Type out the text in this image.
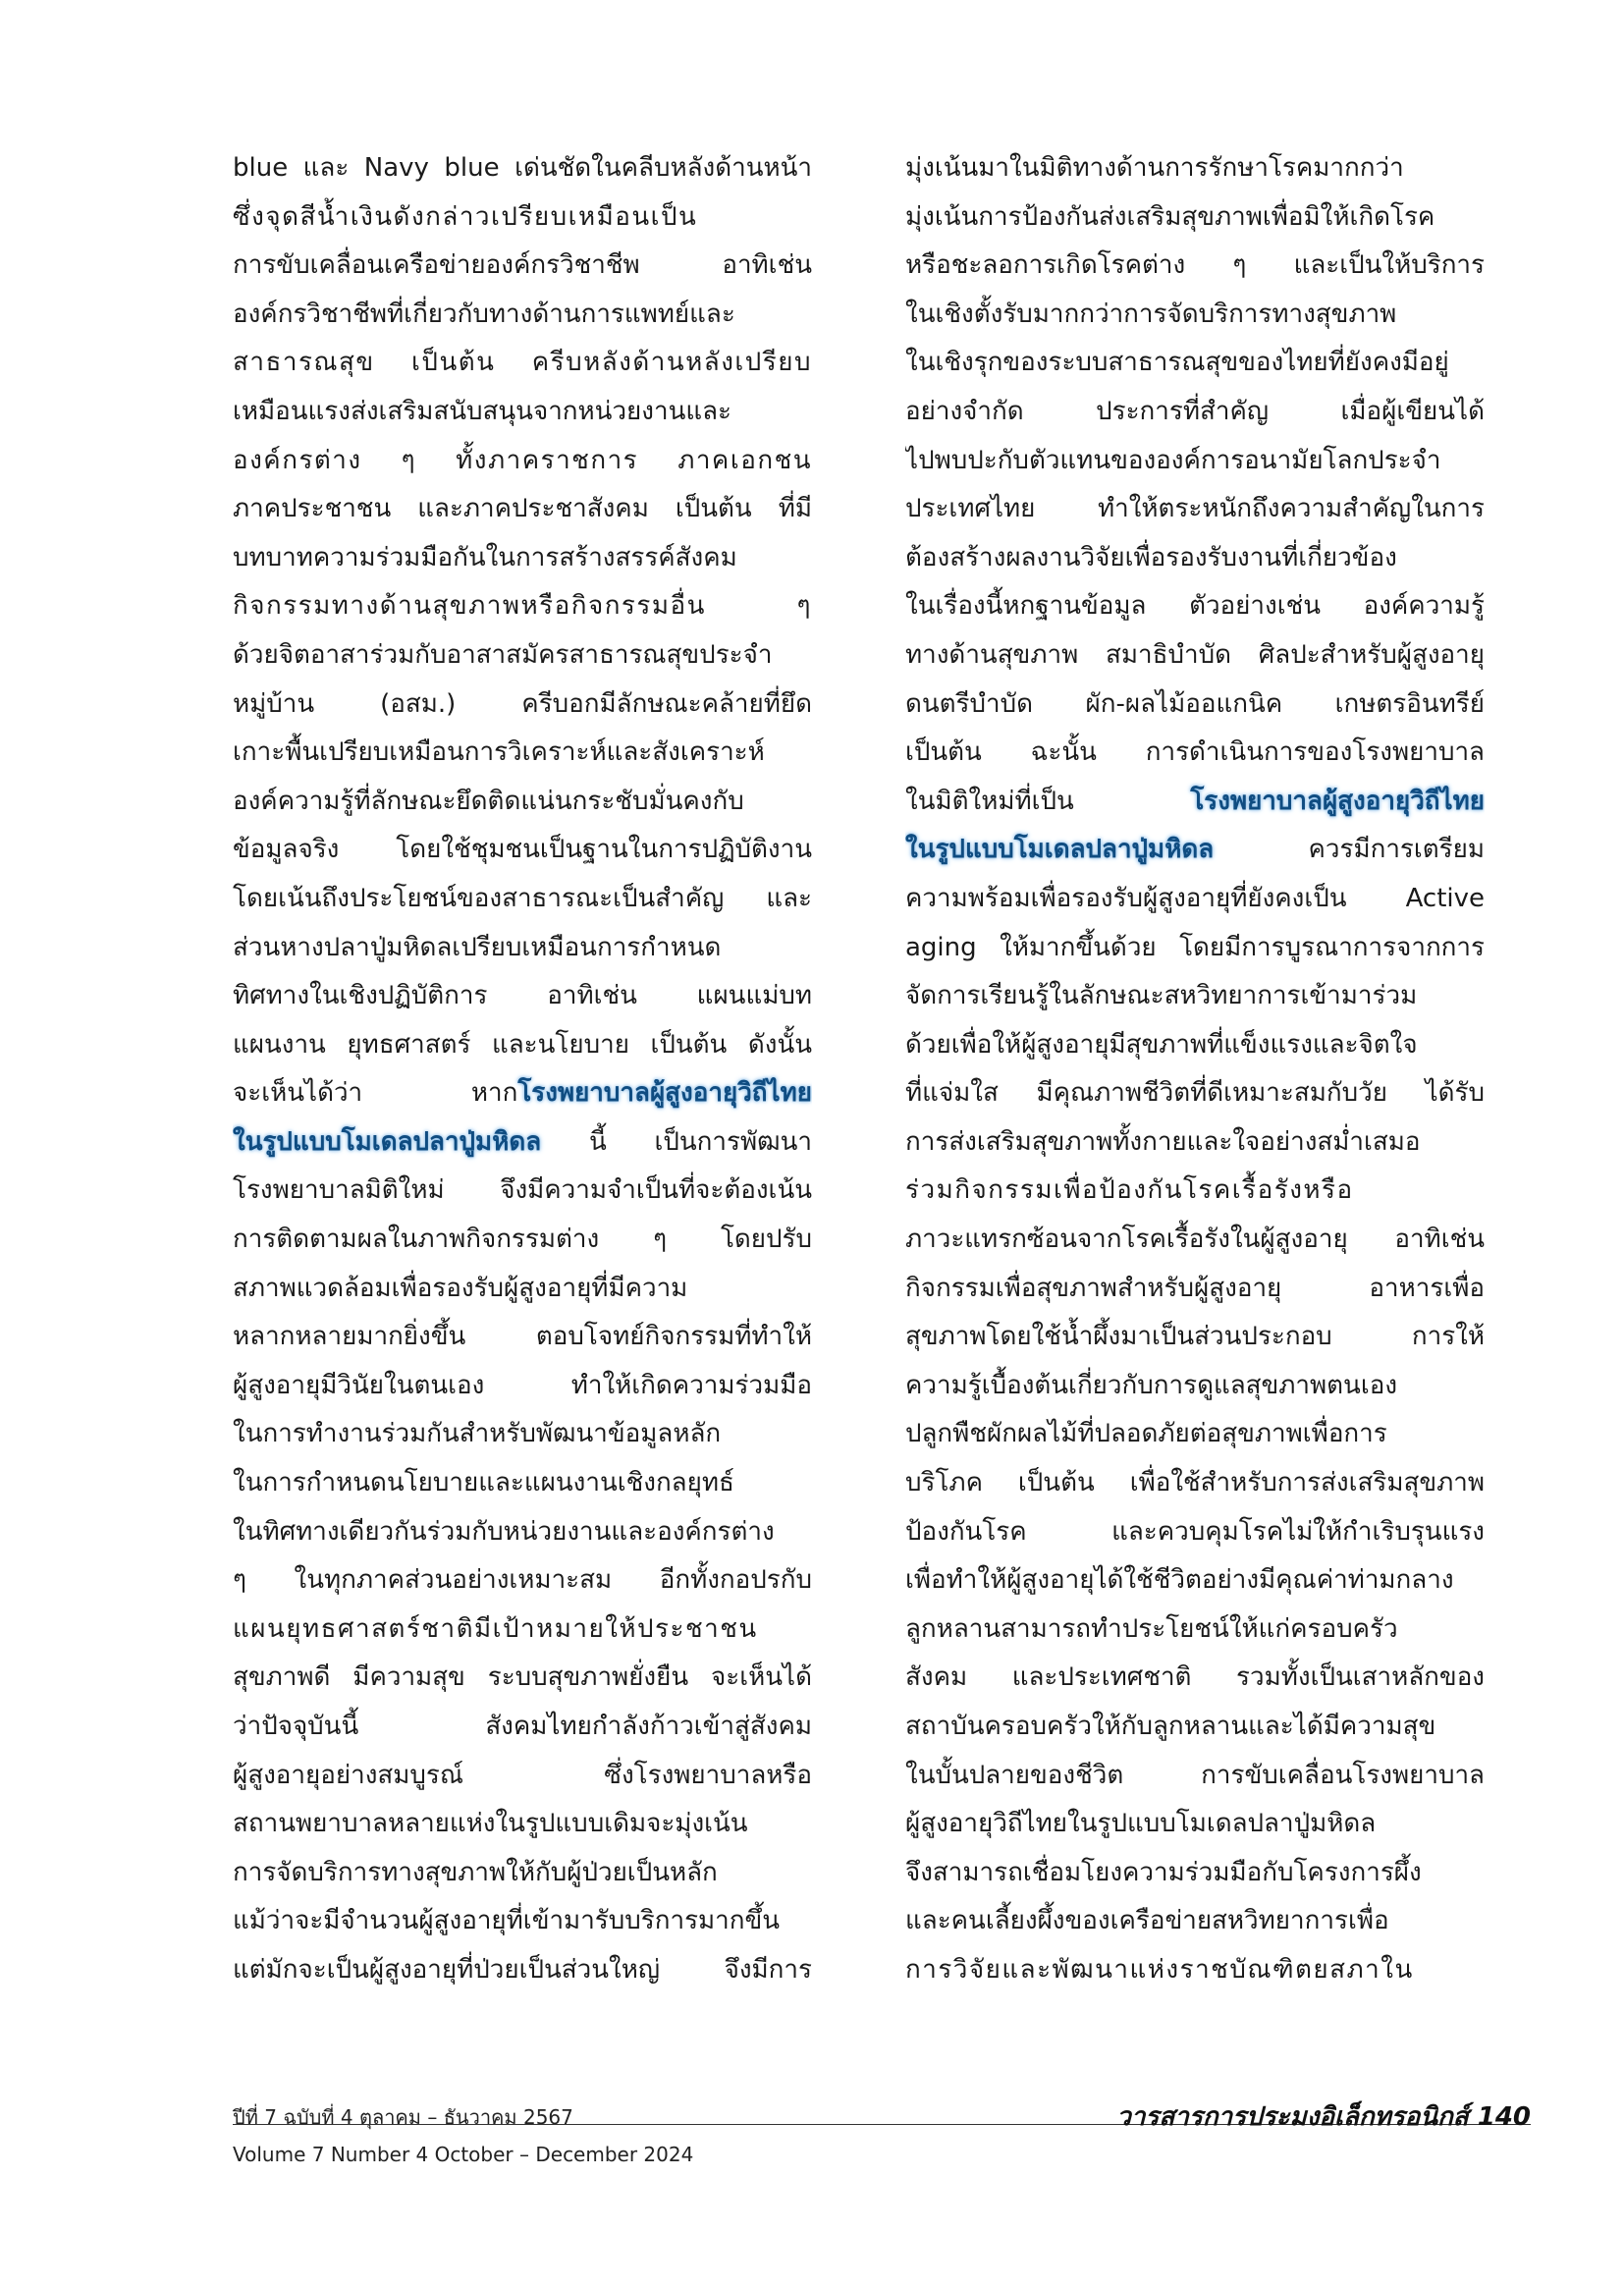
blue และ Navy blue เด่นชัดในคลีบหลังด้านหน้า
ซึ่งจุดสีน้ำเงินดังกล่าวเปรียบเหมือนเป็น
การขับเคลื่อนเครือข่ายองค์กรวิชาชีพ อาทิเช่น
องค์กรวิชาชีพที่เกี่ยวกับทางด้านการแพทย์และ
สาธารณสุข เป็นต้น ครีบหลังด้านหลังเปรียบ
เหมือนแรงส่งเสริมสนับสนุนจากหน่วยงานและ
องค์กรต่าง ๆ ทั้งภาคราชการ ภาคเอกชน
ภาคประชาชน และภาคประชาสังคม เป็นต้น ที่มี
บทบาทความร่วมมือกันในการสร้างสรรค์สังคม
กิจกรรมทางด้านสุขภาพหรือกิจกรรมอื่น ๆ
ด้วยจิตอาสาร่วมกับอาสาสมัครสาธารณสุขประจำ
หมู่บ้าน (อสม.) ครีบอกมีลักษณะคล้ายที่ยึด
เกาะพื้นเปรียบเหมือนการวิเคราะห์และสังเคราะห์
องค์ความรู้ที่ลักษณะยึดติดแน่นกระชับมั่นคงกับ
ข้อมูลจริง โดยใช้ชุมชนเป็นฐานในการปฏิบัติงาน
โดยเน้นถึงประโยชน์ของสาธารณะเป็นสำคัญ และ
ส่วนหางปลาปู่มหิดลเปรียบเหมือนการกำหนด
ทิศทางในเชิงปฏิบัติการ อาทิเช่น แผนแม่บท
แผนงาน ยุทธศาสตร์ และนโยบาย เป็นต้น ดังนั้น
จะเห็นได้ว่า หากโรงพยาบาลผู้สูงอายุวิถีไทย
ในรูปแบบโมเดลปลาปู่มหิดล นี้ เป็นการพัฒนา
โรงพยาบาลมิติใหม่ จึงมีความจำเป็นที่จะต้องเน้น
การติดตามผลในภาพกิจกรรมต่าง ๆ โดยปรับ
สภาพแวดล้อมเพื่อรองรับผู้สูงอายุที่มีความ
หลากหลายมากยิ่งขึ้น ตอบโจทย์กิจกรรมที่ทำให้
ผู้สูงอายุมีวินัยในตนเอง ทำให้เกิดความร่วมมือ
ในการทำงานร่วมกันสำหรับพัฒนาข้อมูลหลัก
ในการกำหนดนโยบายและแผนงานเชิงกลยุทธ์
ในทิศทางเดียวกันร่วมกับหน่วยงานและองค์กรต่าง
ๆ ในทุกภาคส่วนอย่างเหมาะสม อีกทั้งกอปรกับ
แผนยุทธศาสตร์ชาติมีเป้าหมายให้ประชาชน
สุขภาพดี มีความสุข ระบบสุขภาพยั่งยืน จะเห็นได้
ว่าปัจจุบันนี้ สังคมไทยกำลังก้าวเข้าสู่สังคม
ผู้สูงอายุอย่างสมบูรณ์ ซึ่งโรงพยาบาลหรือ
สถานพยาบาลหลายแห่งในรูปแบบเดิมจะมุ่งเน้น
การจัดบริการทางสุขภาพให้กับผู้ป่วยเป็นหลัก
แม้ว่าจะมีจำนวนผู้สูงอายุที่เข้ามารับบริการมากขึ้น
แต่มักจะเป็นผู้สูงอายุที่ป่วยเป็นส่วนใหญ่ จึงมีการ
มุ่งเน้นมาในมิติทางด้านการรักษาโรคมากกว่า
มุ่งเน้นการป้องกันส่งเสริมสุขภาพเพื่อมิให้เกิดโรค
หรือชะลอการเกิดโรคต่าง ๆ และเป็นให้บริการ
ในเชิงตั้งรับมากกว่าการจัดบริการทางสุขภาพ
ในเชิงรุกของระบบสาธารณสุขของไทยที่ยังคงมีอยู่
อย่างจำกัด ประการที่สำคัญ เมื่อผู้เขียนได้
ไปพบปะกับตัวแทนขององค์การอนามัยโลกประจำ
ประเทศไทย ทำให้ตระหนักถึงความสำคัญในการ
ต้องสร้างผลงานวิจัยเพื่อรองรับงานที่เกี่ยวข้อง
ในเรื่องนี้หกฐานข้อมูล ตัวอย่างเช่น องค์ความรู้
ทางด้านสุขภาพ สมาธิบำบัด ศิลปะสำหรับผู้สูงอายุ
ดนตรีบำบัด ผัก-ผลไม้ออแกนิค เกษตรอินทรีย์
เป็นต้น ฉะนั้น การดำเนินการของโรงพยาบาล
ในมิติใหม่ที่เป็น โรงพยาบาลผู้สูงอายุวิถีไทย
ในรูปแบบโมเดลปลาปู่มหิดล ควรมีการเตรียม
ความพร้อมเพื่อรองรับผู้สูงอายุที่ยังคงเป็น Active
aging ให้มากขึ้นด้วย โดยมีการบูรณาการจากการ
จัดการเรียนรู้ในลักษณะสหวิทยาการเข้ามาร่วม
ด้วยเพื่อให้ผู้สูงอายุมีสุขภาพที่แข็งแรงและจิตใจ
ที่แจ่มใส มีคุณภาพชีวิตที่ดีเหมาะสมกับวัย ได้รับ
การส่งเสริมสุขภาพทั้งกายและใจอย่างสม่ำเสมอ
ร่วมกิจกรรมเพื่อป้องกันโรคเรื้อรังหรือ
ภาวะแทรกซ้อนจากโรคเรื้อรังในผู้สูงอายุ อาทิเช่น
กิจกรรมเพื่อสุขภาพสำหรับผู้สูงอายุ อาหารเพื่อ
สุขภาพโดยใช้น้ำผึ้งมาเป็นส่วนประกอบ การให้
ความรู้เบื้องต้นเกี่ยวกับการดูแลสุขภาพตนเอง
ปลูกพืชผักผลไม้ที่ปลอดภัยต่อสุขภาพเพื่อการ
บริโภค เป็นต้น เพื่อใช้สำหรับการส่งเสริมสุขภาพ
ป้องกันโรค และควบคุมโรคไม่ให้กำเริบรุนแรง
เพื่อทำให้ผู้สูงอายุได้ใช้ชีวิตอย่างมีคุณค่าท่ามกลาง
ลูกหลานสามารถทำประโยชน์ให้แก่ครอบครัว
สังคม และประเทศชาติ รวมทั้งเป็นเสาหลักของ
สถาบันครอบครัวให้กับลูกหลานและได้มีความสุข
ในบั้นปลายของชีวิต การขับเคลื่อนโรงพยาบาล
ผู้สูงอายุวิถีไทยในรูปแบบโมเดลปลาปู่มหิดล
จึงสามารถเชื่อมโยงความร่วมมือกับโครงการผึ้ง
และคนเลี้ยงผึ้งของเครือข่ายสหวิทยาการเพื่อ
การวิจัยและพัฒนาแห่งราชบัณฑิตยสภาใน
ปีที่ 7 ฉบับที่ 4 ตุลาคม – ธันวาคม 2567
Volume 7 Number 4 October – December 2024
วารสารการประมงอิเล็กทรอนิกส์ 140
